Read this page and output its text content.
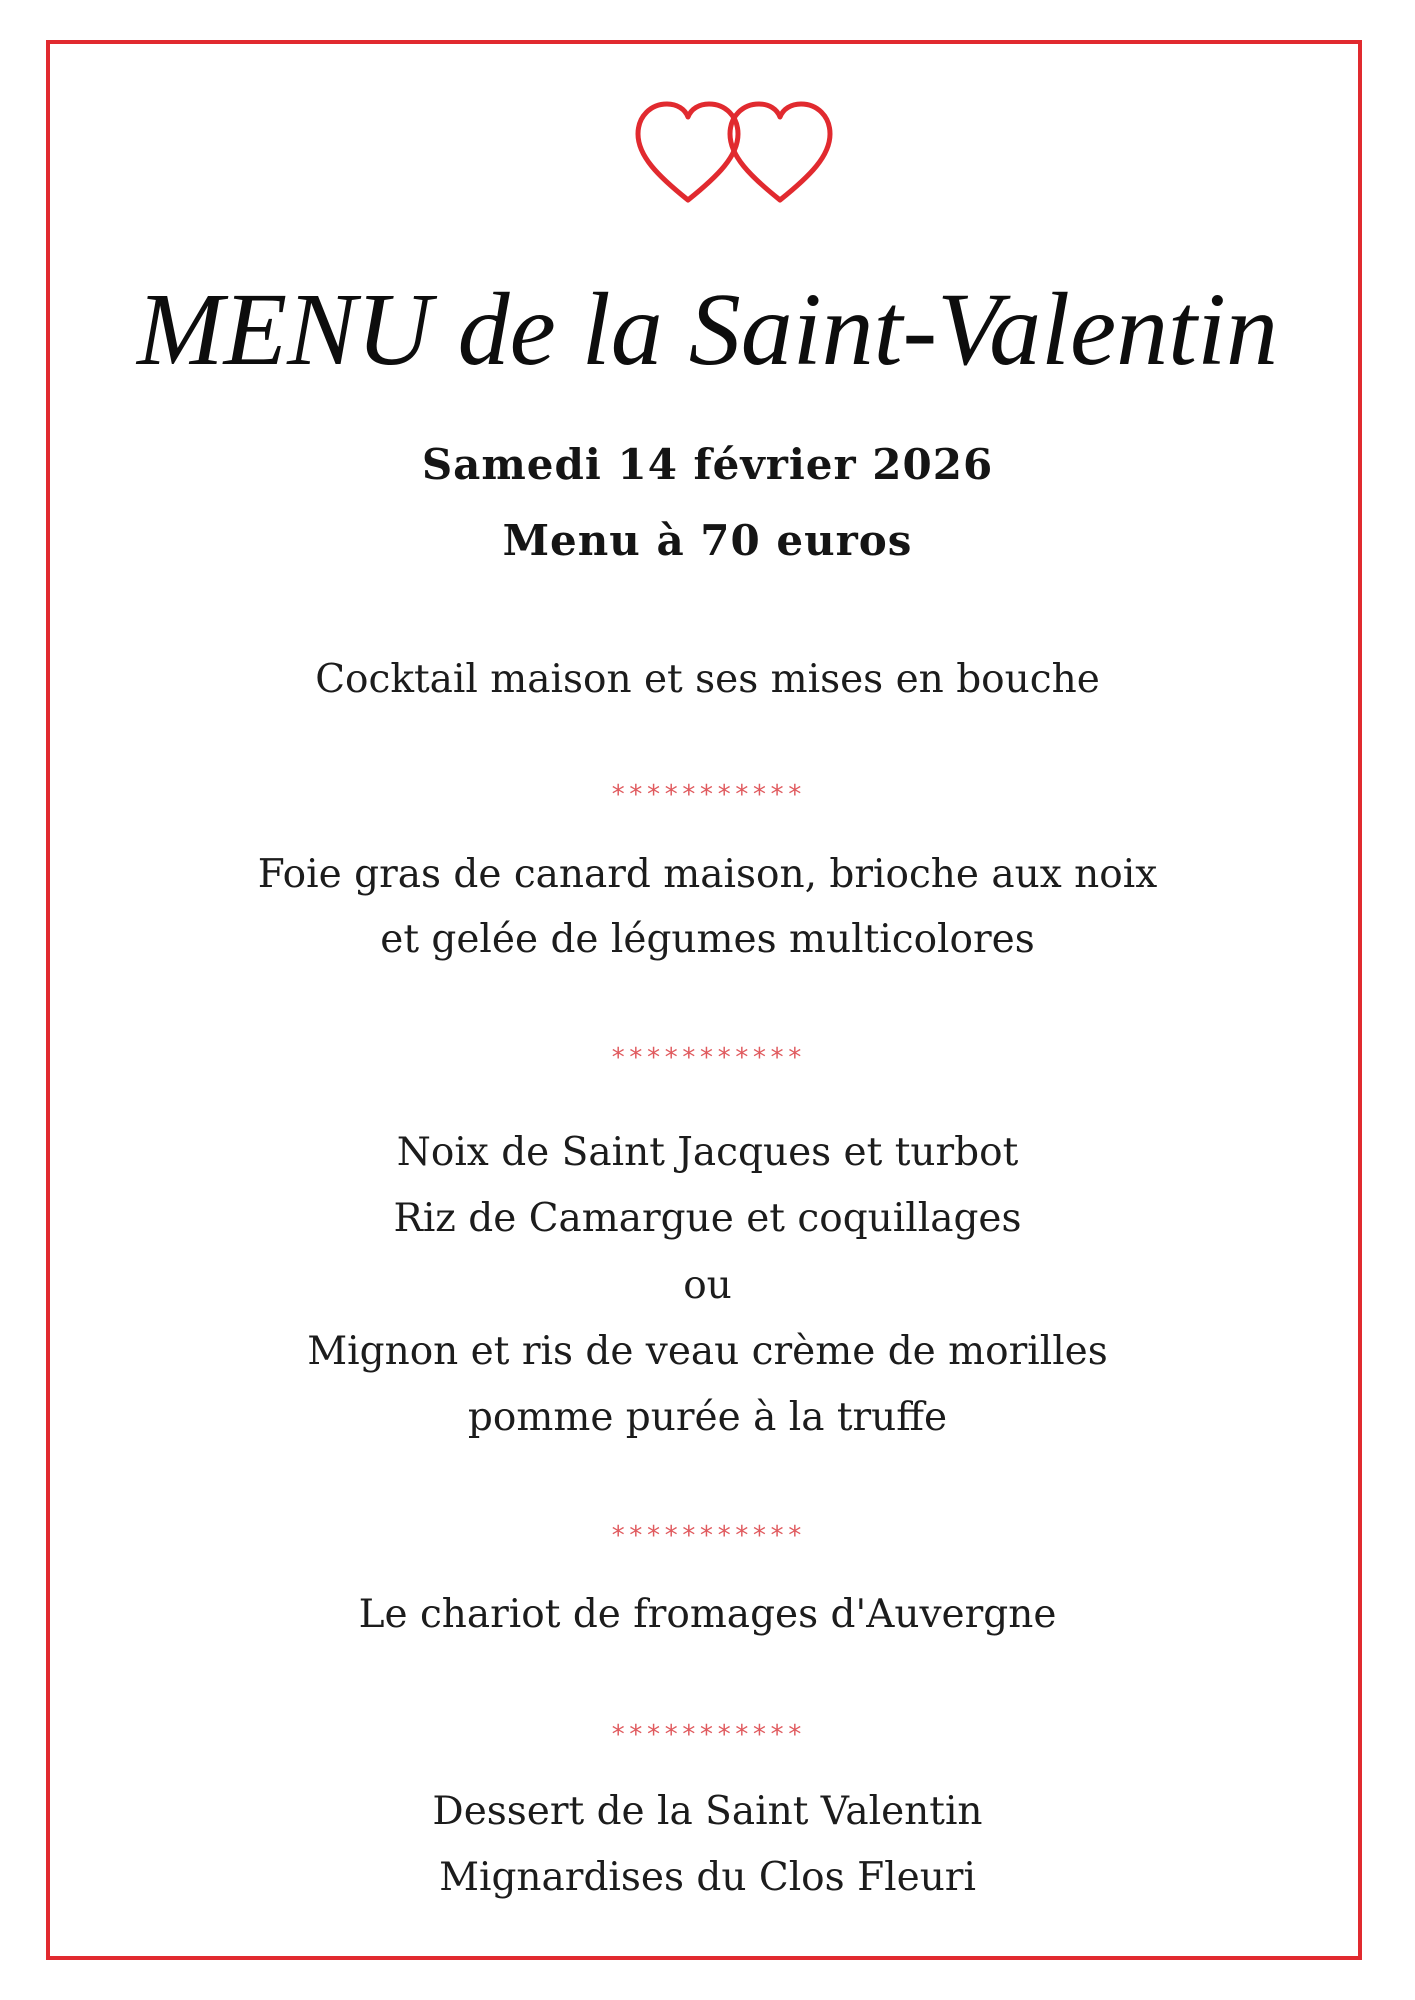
MENU de la Saint-Valentin
Samedi 14 février 2026
Menu à 70 euros
Cocktail maison et ses mises en bouche
***********
Foie gras de canard maison, brioche aux noix
et gelée de légumes multicolores
***********
Noix de Saint Jacques et turbot
Riz de Camargue et coquillages
ou
Mignon et ris de veau crème de morilles
pomme purée à la truffe
***********
Le chariot de fromages d'Auvergne
***********
Dessert de la Saint Valentin
Mignardises du Clos Fleuri
